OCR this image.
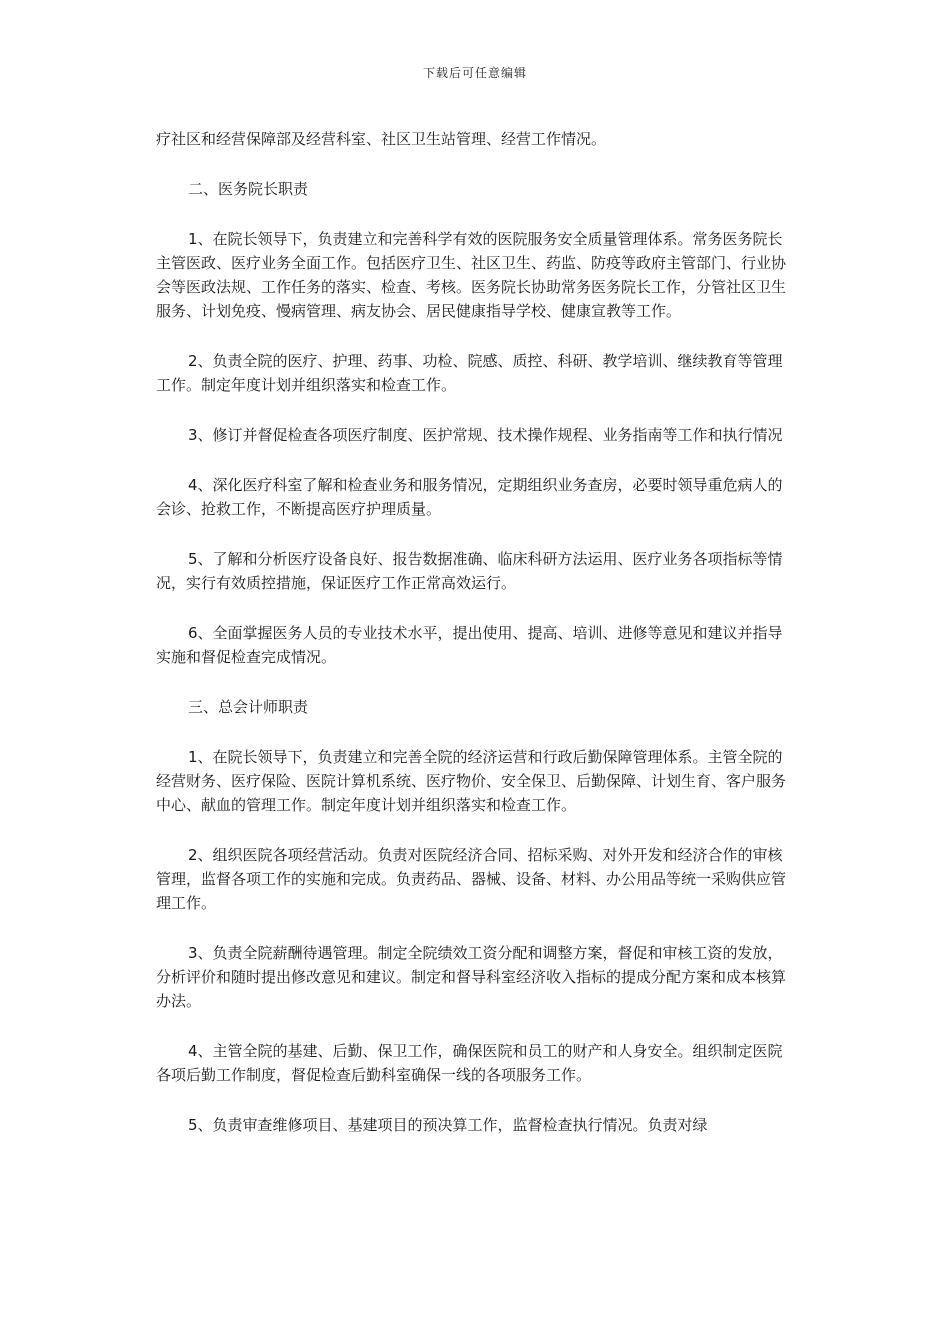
下载后可任意编辑

疗社区和经营保障部及经营科室、社区卫生站管理、经营工作情况。

二、医务院长职责

1、在院长领导下，负责建立和完善科学有效的医院服务安全质量管理体系。常务医务院长主管医政、医疗业务全面工作。包括医疗卫生、社区卫生、药监、防疫等政府主管部门、行业协会等医政法规、工作任务的落实、检查、考核。医务院长协助常务医务院长工作，分管社区卫生服务、计划免疫、慢病管理、病友协会、居民健康指导学校、健康宣教等工作。

2、负责全院的医疗、护理、药事、功检、院感、质控、科研、教学培训、继续教育等管理工作。制定年度计划并组织落实和检查工作。

3、修订并督促检查各项医疗制度、医护常规、技术操作规程、业务指南等工作和执行情况

4、深化医疗科室了解和检查业务和服务情况，定期组织业务查房，必要时领导重危病人的会诊、抢救工作，不断提高医疗护理质量。

5、了解和分析医疗设备良好、报告数据准确、临床科研方法运用、医疗业务各项指标等情况，实行有效质控措施，保证医疗工作正常高效运行。

6、全面掌握医务人员的专业技术水平，提出使用、提高、培训、进修等意见和建议并指导实施和督促检查完成情况。

三、总会计师职责

1、在院长领导下，负责建立和完善全院的经济运营和行政后勤保障管理体系。主管全院的经营财务、医疗保险、医院计算机系统、医疗物价、安全保卫、后勤保障、计划生育、客户服务中心、献血的管理工作。制定年度计划并组织落实和检查工作。

2、组织医院各项经营活动。负责对医院经济合同、招标采购、对外开发和经济合作的审核管理，监督各项工作的实施和完成。负责药品、器械、设备、材料、办公用品等统一采购供应管理工作。

3、负责全院薪酬待遇管理。制定全院绩效工资分配和调整方案，督促和审核工资的发放，分析评价和随时提出修改意见和建议。制定和督导科室经济收入指标的提成分配方案和成本核算办法。

4、主管全院的基建、后勤、保卫工作，确保医院和员工的财产和人身安全。组织制定医院各项后勤工作制度，督促检查后勤科室确保一线的各项服务工作。

5、负责审查维修项目、基建项目的预决算工作，监督检查执行情况。负责对绿
